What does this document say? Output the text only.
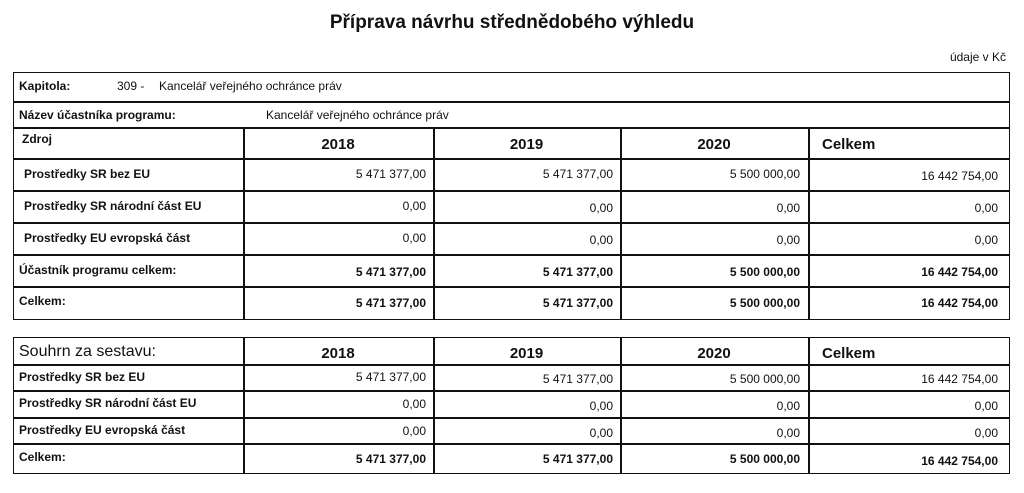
Příprava návrhu střednědobého výhledu
údaje v Kč
Kapitola:	309 - Kancelář veřejného ochránce práv
Název účastníka programu:	Kancelář veřejného ochránce práv
Zdroj	2018	2019	2020	Celkem
Prostředky SR bez EU	5 471 377,00	5 471 377,00	5 500 000,00	16 442 754,00
Prostředky SR národní část EU	0,00	0,00	0,00	0,00
Prostředky EU evropská část	0,00	0,00	0,00	0,00
Účastník programu celkem:	5 471 377,00	5 471 377,00	5 500 000,00	16 442 754,00
Celkem:	5 471 377,00	5 471 377,00	5 500 000,00	16 442 754,00
Souhrn za sestavu:	2018	2019	2020	Celkem
Prostředky SR bez EU	5 471 377,00	5 471 377,00	5 500 000,00	16 442 754,00
Prostředky SR národní část EU	0,00	0,00	0,00	0,00
Prostředky EU evropská část	0,00	0,00	0,00	0,00
Celkem:	5 471 377,00	5 471 377,00	5 500 000,00	16 442 754,00
